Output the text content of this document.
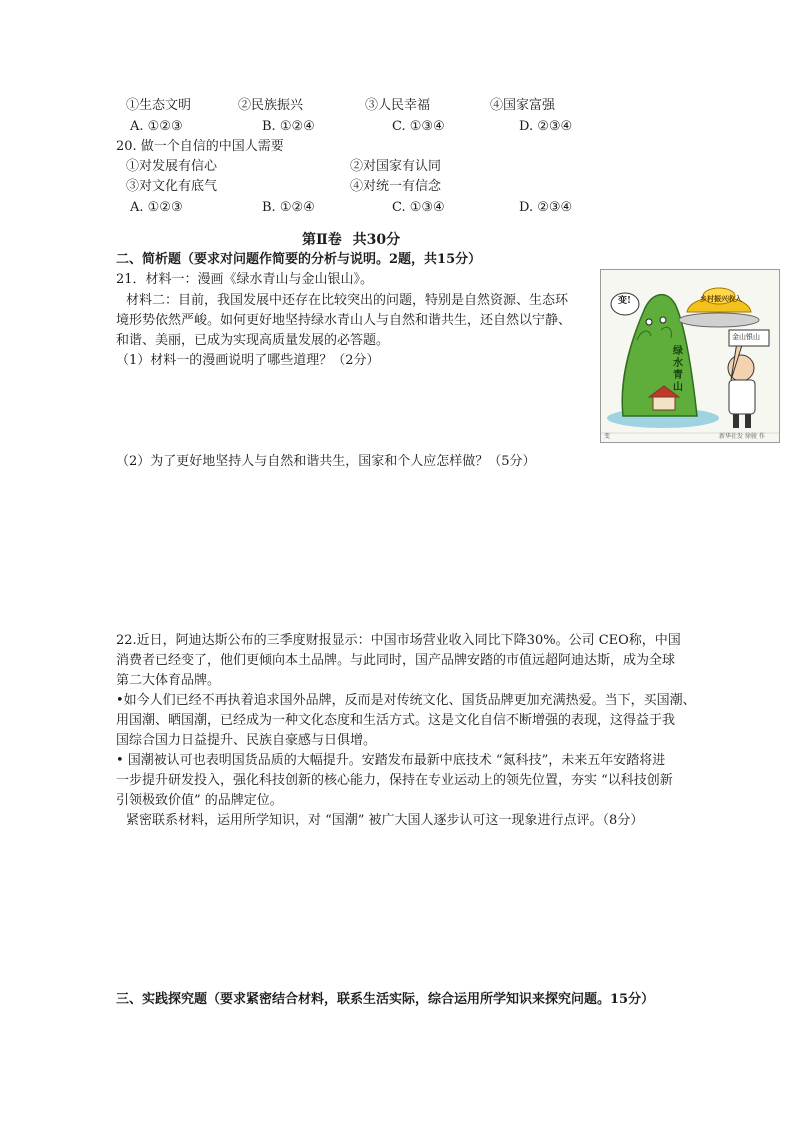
①生态文明	②民族振兴	③人民幸福	④国家富强
A. ①②③	B. ①②④	C. ①③④	D. ②③④
20. 做一个自信的中国人需要
①对发展有信心	②对国家有认同
③对文化有底气	④对统一有信念
A. ①②③	B. ①②④	C. ①③④	D. ②③④
第Ⅱ卷 共30分
二、简析题（要求对问题作简要的分析与说明。2题，共15分）
21．材料一：漫画《绿水青山与金山银山》。
材料二：目前，我国发展中还存在比较突出的问题，特别是自然资源、生态环
境形势依然严峻。如何更好地坚持绿水青山人与自然和谐共生，还自然以宁静、
和谐、美丽，已成为实现高质量发展的必答题。
（1）材料一的漫画说明了哪些道理？（2分）
（2）为了更好地坚持人与自然和谐共生，国家和个人应怎样做？（5分）
乡村振兴收入
变!
金山银山
绿水青山
变	新华社发 徐骏 作
22.近日，阿迪达斯公布的三季度财报显示：中国市场营业收入同比下降30%。公司 CEO称，中国
消费者已经变了，他们更倾向本土品牌。与此同时，国产品牌安踏的市值远超阿迪达斯，成为全球
第二大体育品牌。
•如今人们已经不再执着追求国外品牌，反而是对传统文化、国货品牌更加充满热爱。当下，买国潮、
用国潮、晒国潮，已经成为一种文化态度和生活方式。这是文化自信不断增强的表现，这得益于我
国综合国力日益提升、民族自豪感与日俱增。
• 国潮被认可也表明国货品质的大幅提升。安踏发布最新中底技术 “氮科技”，未来五年安踏将进
一步提升研发投入，强化科技创新的核心能力，保持在专业运动上的领先位置，夯实 “以科技创新
引领极致价值” 的品牌定位。
紧密联系材料，运用所学知识，对 “国潮” 被广大国人逐步认可这一现象进行点评。（8分）
三、实践探究题（要求紧密结合材料，联系生活实际，综合运用所学知识来探究问题。15分）
